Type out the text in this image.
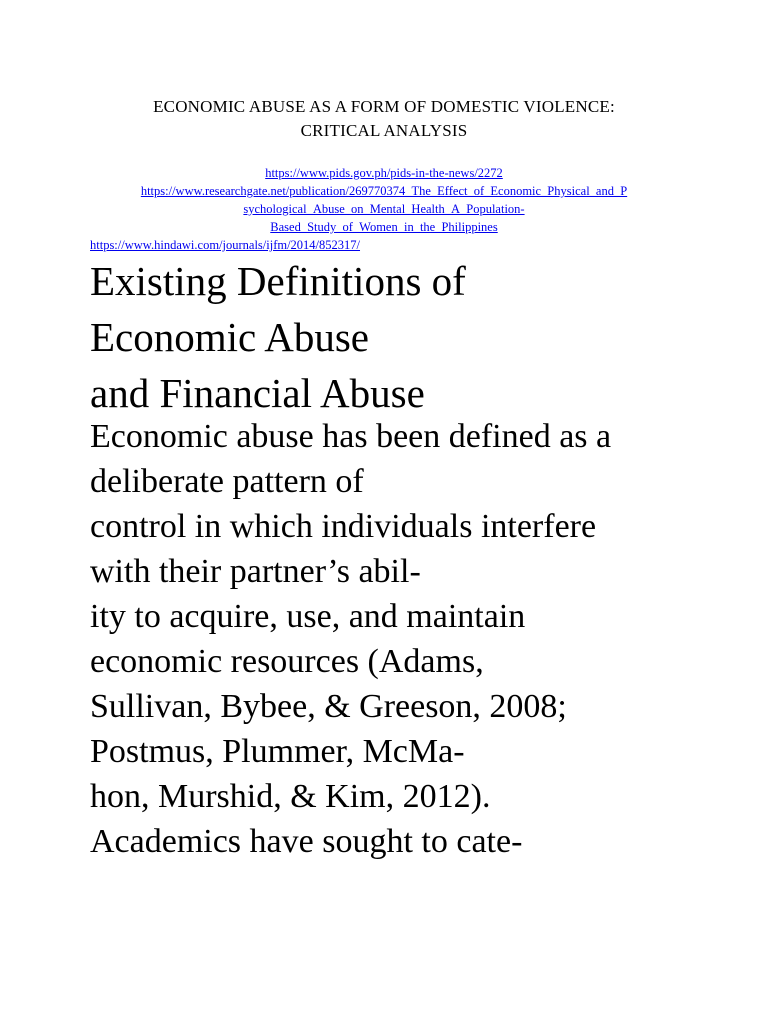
ECONOMIC ABUSE AS A FORM OF DOMESTIC VIOLENCE:
CRITICAL ANALYSIS
https://www.pids.gov.ph/pids-in-the-news/2272
https://www.researchgate.net/publication/269770374_The_Effect_of_Economic_Physical_and_P
sychological_Abuse_on_Mental_Health_A_Population-
Based_Study_of_Women_in_the_Philippines
https://www.hindawi.com/journals/ijfm/2014/852317/
Existing Definitions of
Economic Abuse
and Financial Abuse

Economic abuse has been defined as a
deliberate pattern of
control in which individuals interfere
with their partner’s abil-
ity to acquire, use, and maintain
economic resources (Adams,
Sullivan, Bybee, & Greeson, 2008;
Postmus, Plummer, McMa-
hon, Murshid, & Kim, 2012).
Academics have sought to cate-
